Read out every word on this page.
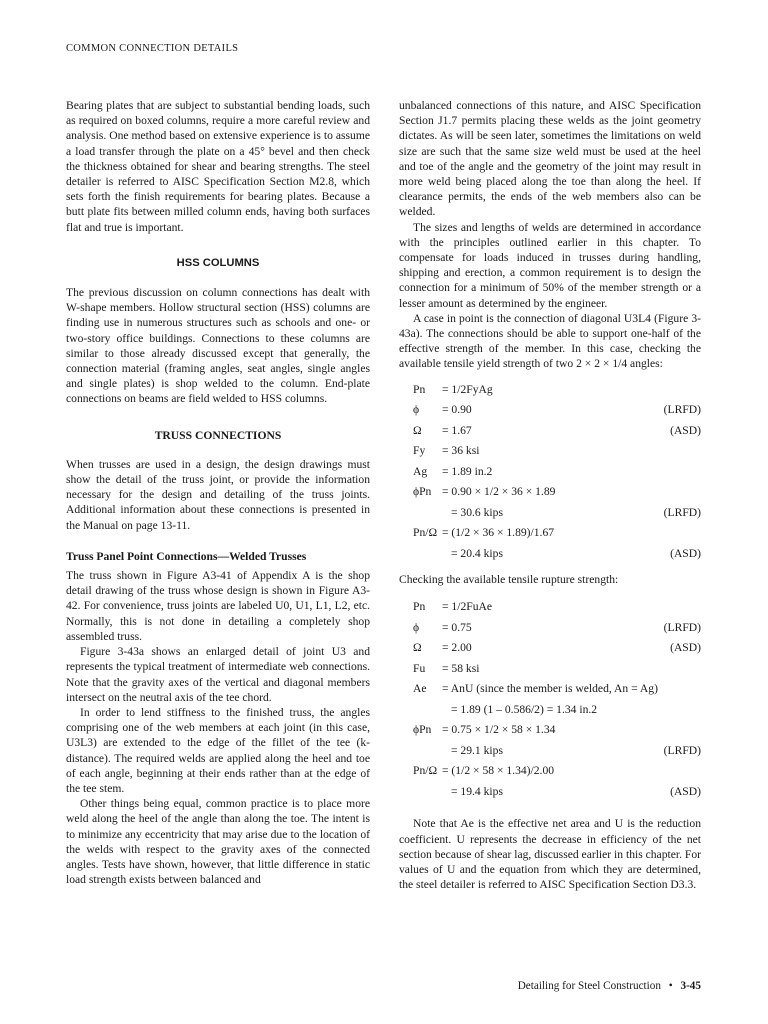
COMMON CONNECTION DETAILS

Bearing plates that are subject to substantial bending loads, such as required on boxed columns, require a more careful review and analysis. One method based on extensive experience is to assume a load transfer through the plate on a 45° bevel and then check the thickness obtained for shear and bearing strengths. The steel detailer is referred to AISC Specification Section M2.8, which sets forth the finish requirements for bearing plates. Because a butt plate fits between milled column ends, having both surfaces flat and true is important.

HSS COLUMNS

The previous discussion on column connections has dealt with W-shape members. Hollow structural section (HSS) columns are finding use in numerous structures such as schools and one- or two-story office buildings. Connections to these columns are similar to those already discussed except that generally, the connection material (framing angles, seat angles, single angles and single plates) is shop welded to the column. End-plate connections on beams are field welded to HSS columns.

TRUSS CONNECTIONS

When trusses are used in a design, the design drawings must show the detail of the truss joint, or provide the information necessary for the design and detailing of the truss joints. Additional information about these connections is presented in the Manual on page 13-11.

Truss Panel Point Connections—Welded Trusses

The truss shown in Figure A3-41 of Appendix A is the shop detail drawing of the truss whose design is shown in Figure A3-42. For convenience, truss joints are labeled U0, U1, L1, L2, etc. Normally, this is not done in detailing a completely shop assembled truss.

Figure 3-43a shows an enlarged detail of joint U3 and represents the typical treatment of intermediate web connections. Note that the gravity axes of the vertical and diagonal members intersect on the neutral axis of the tee chord.

In order to lend stiffness to the finished truss, the angles comprising one of the web members at each joint (in this case, U3L3) are extended to the edge of the fillet of the tee (k-distance). The required welds are applied along the heel and toe of each angle, beginning at their ends rather than at the edge of the tee stem.

Other things being equal, common practice is to place more weld along the heel of the angle than along the toe. The intent is to minimize any eccentricity that may arise due to the location of the welds with respect to the gravity axes of the connected angles. Tests have shown, however, that little difference in static load strength exists between balanced and

unbalanced connections of this nature, and AISC Specification Section J1.7 permits placing these welds as the joint geometry dictates. As will be seen later, sometimes the limitations on weld size are such that the same size weld must be used at the heel and toe of the angle and the geometry of the joint may result in more weld being placed along the toe than along the heel. If clearance permits, the ends of the web members also can be welded.

The sizes and lengths of welds are determined in accordance with the principles outlined earlier in this chapter. To compensate for loads induced in trusses during handling, shipping and erection, a common requirement is to design the connection for a minimum of 50% of the member strength or a lesser amount as determined by the engineer.

A case in point is the connection of diagonal U3L4 (Figure 3-43a). The connections should be able to support one-half of the effective strength of the member. In this case, checking the available tensile yield strength of two 2 × 2 × 1/4 angles:

Pn = 1/2FyAg
ϕ = 0.90	(LRFD)
Ω = 1.67	(ASD)
Fy = 36 ksi
Ag = 1.89 in.2
ϕPn = 0.90 × 1/2 × 36 × 1.89
= 30.6 kips	(LRFD)
Pn/Ω = (1/2 × 36 × 1.89)/1.67
= 20.4 kips	(ASD)

Checking the available tensile rupture strength:

Pn = 1/2FuAe
ϕ = 0.75	(LRFD)
Ω = 2.00	(ASD)
Fu = 58 ksi
Ae = AnU (since the member is welded, An = Ag)
= 1.89 (1 – 0.586/2) = 1.34 in.2
ϕPn = 0.75 × 1/2 × 58 × 1.34
= 29.1 kips	(LRFD)
Pn/Ω = (1/2 × 58 × 1.34)/2.00
= 19.4 kips	(ASD)

Note that Ae is the effective net area and U is the reduction coefficient. U represents the decrease in efficiency of the net section because of shear lag, discussed earlier in this chapter. For values of U and the equation from which they are determined, the steel detailer is referred to AISC Specification Section D3.3.

Detailing for Steel Construction • 3-45
